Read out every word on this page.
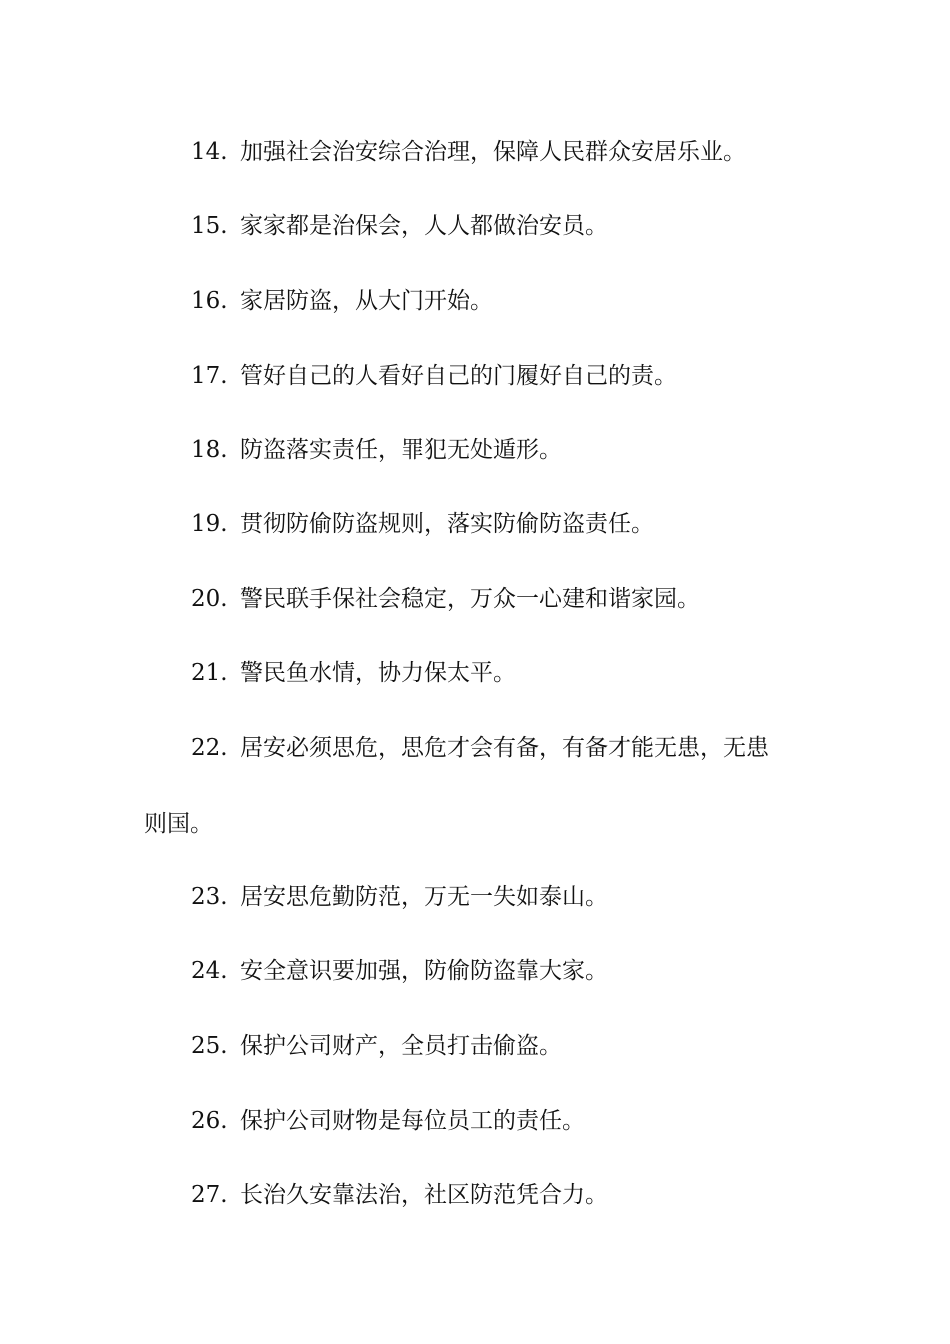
14. 加强社会治安综合治理，保障人民群众安居乐业。
15. 家家都是治保会，人人都做治安员。
16. 家居防盗，从大门开始。
17. 管好自己的人看好自己的门履好自己的责。
18. 防盗落实责任，罪犯无处遁形。
19. 贯彻防偷防盗规则，落实防偷防盗责任。
20. 警民联手保社会稳定，万众一心建和谐家园。
21. 警民鱼水情，协力保太平。
22. 居安必须思危，思危才会有备，有备才能无患，无患
则国。
23. 居安思危勤防范，万无一失如泰山。
24. 安全意识要加强，防偷防盗靠大家。
25. 保护公司财产，全员打击偷盗。
26. 保护公司财物是每位员工的责任。
27. 长治久安靠法治，社区防范凭合力。
